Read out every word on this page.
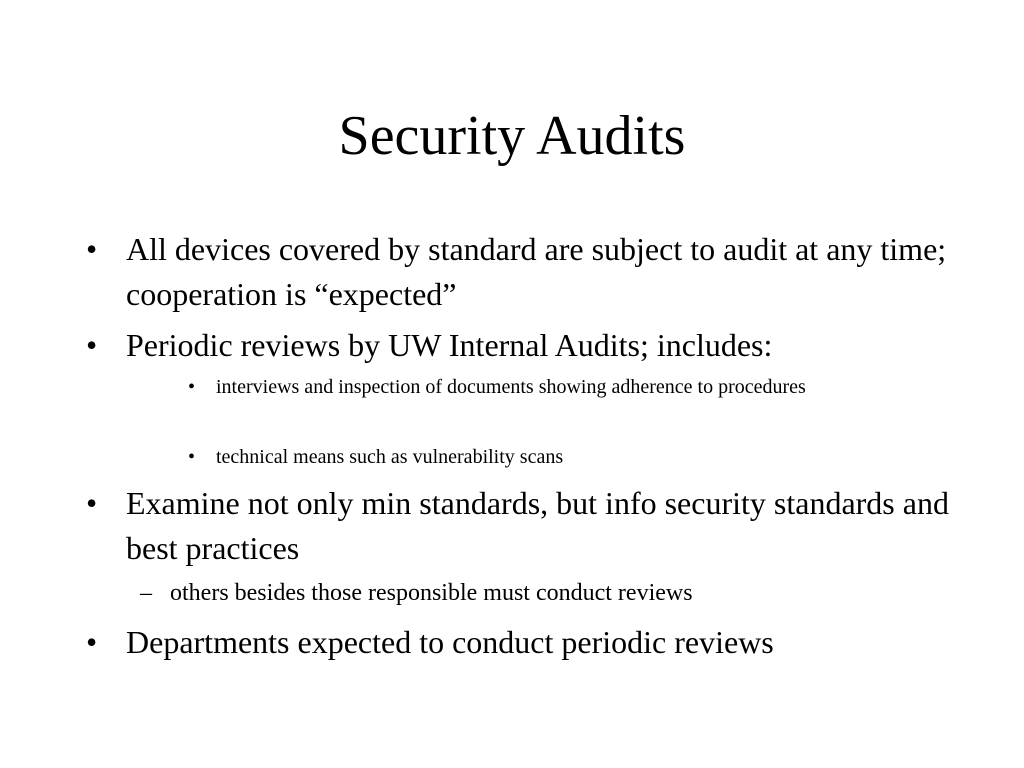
Security Audits
• All devices covered by standard are subject to audit at any time; cooperation is “expected”
• Periodic reviews by UW Internal Audits; includes:
•	interviews and inspection of documents showing adherence to procedures
•	technical means such as vulnerability scans
• Examine not only min standards, but info security standards and best practices
– others besides those responsible must conduct reviews
• Departments expected to conduct periodic reviews
